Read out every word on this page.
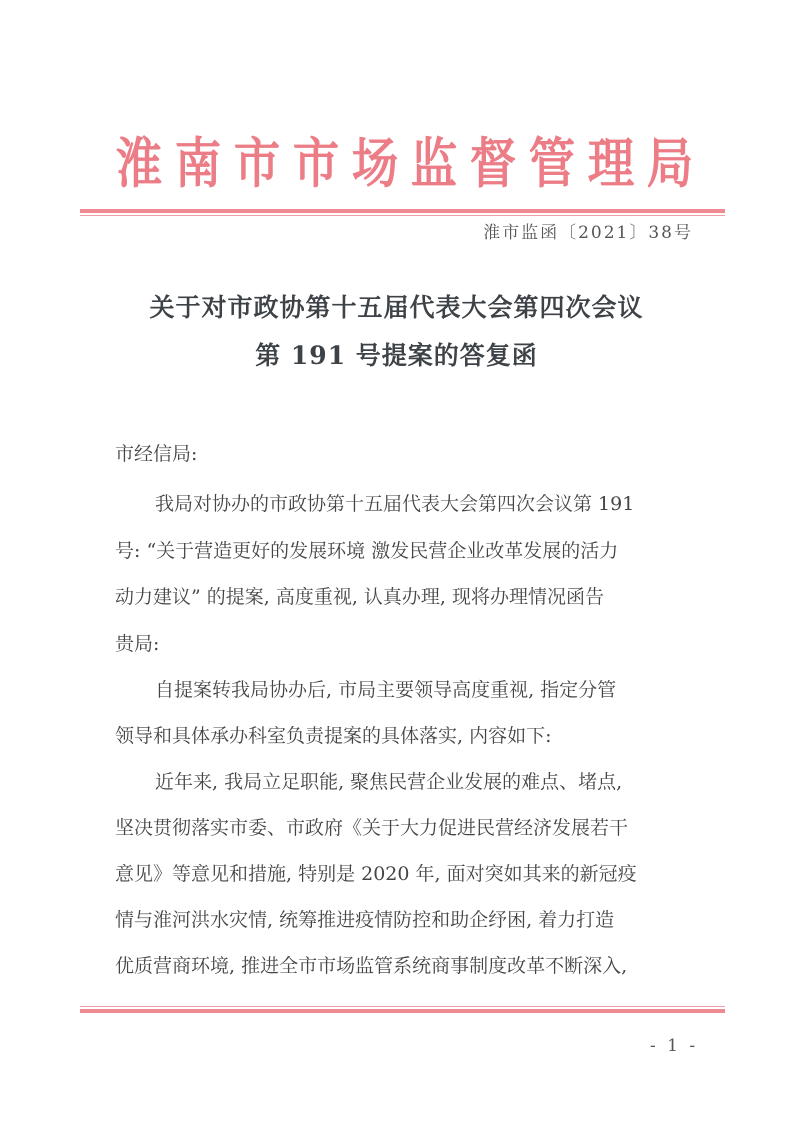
淮 南 市 市 场 监 督 管 理 局
淮市监函〔2021〕38号
关于对市政协第十五届代表大会第四次会议
第 191 号提案的答复函
市经信局:
我局对协办的市政协第十五届代表大会第四次会议第 191
号: “关于营造更好的发展环境 激发民营企业改革发展的活力
动力建议” 的提案, 高度重视, 认真办理, 现将办理情况函告
贵局:
自提案转我局协办后, 市局主要领导高度重视, 指定分管
领导和具体承办科室负责提案的具体落实, 内容如下:
近年来, 我局立足职能, 聚焦民营企业发展的难点、堵点,
坚决贯彻落实市委、市政府《关于大力促进民营经济发展若干
意见》等意见和措施, 特别是 2020 年, 面对突如其来的新冠疫
情与淮河洪水灾情, 统筹推进疫情防控和助企纾困, 着力打造
优质营商环境, 推进全市市场监管系统商事制度改革不断深入,
- 1 -
